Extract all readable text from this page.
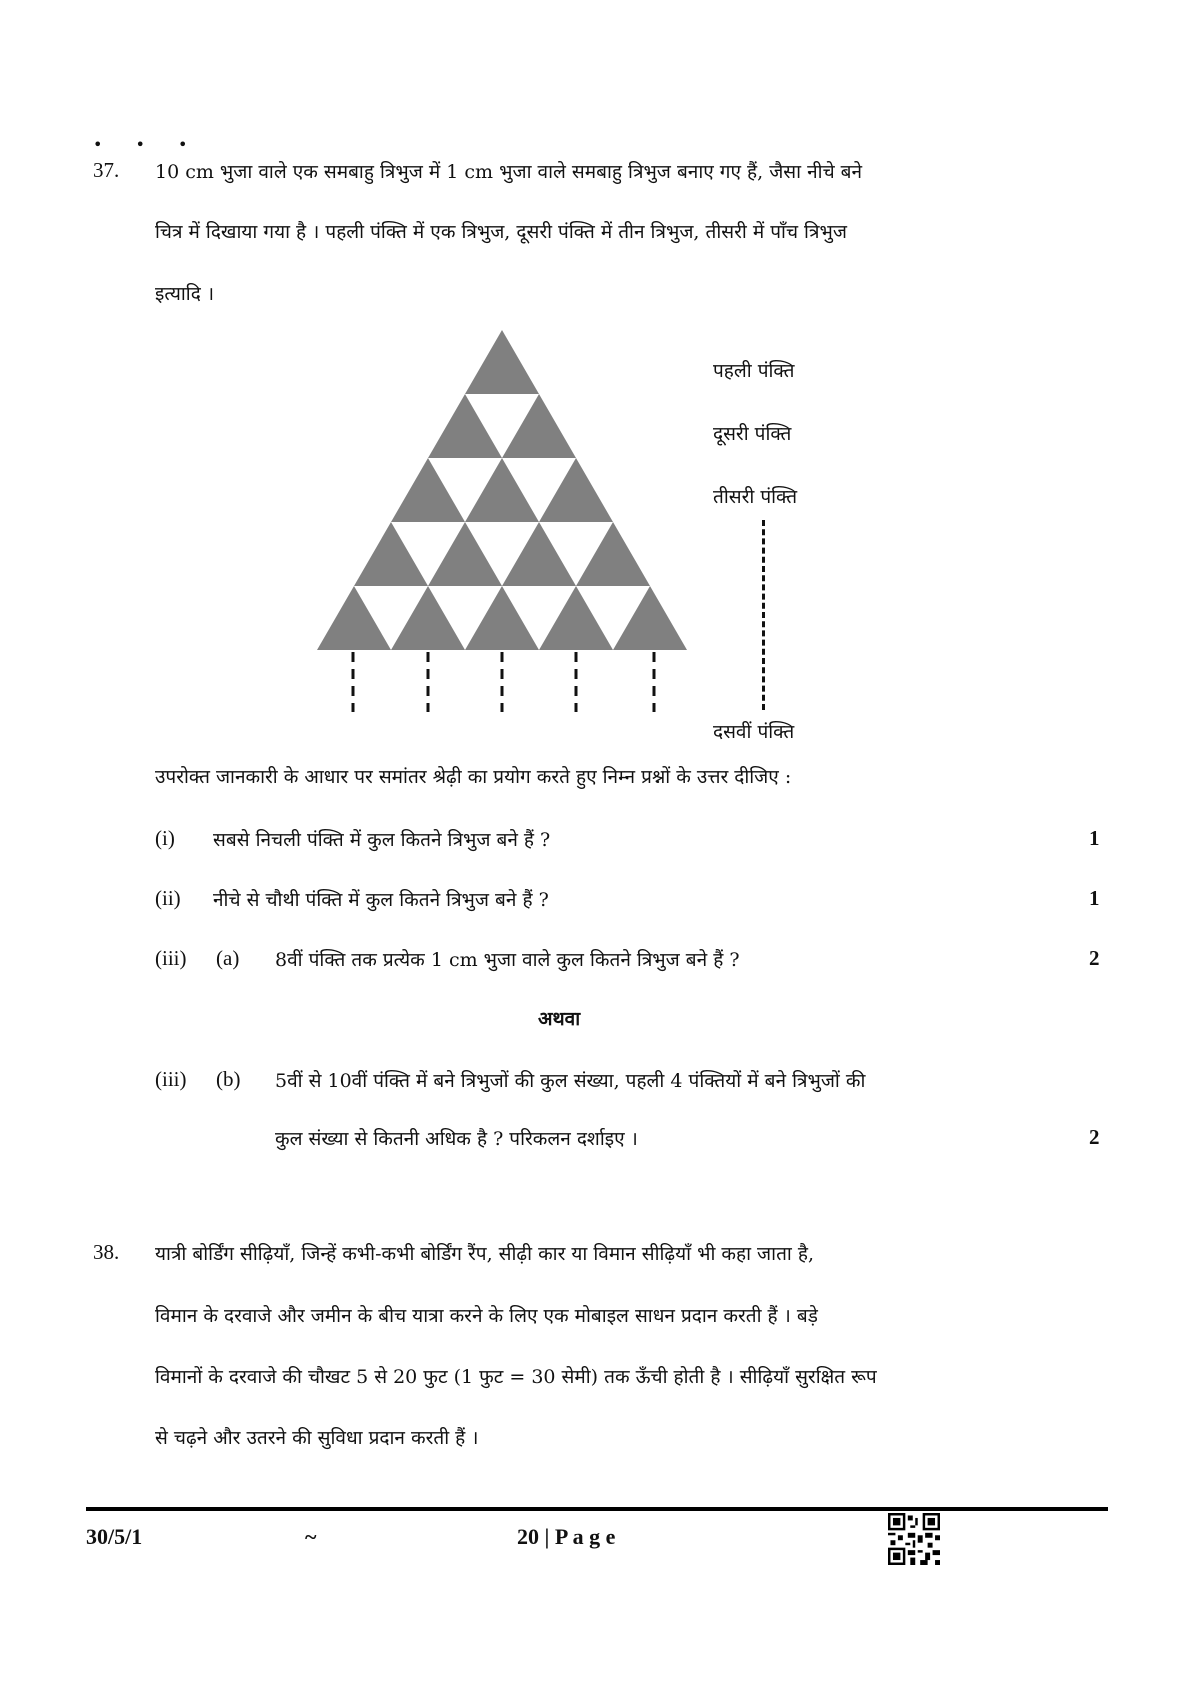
• • •
37. 10 cm भुजा वाले एक समबाहु त्रिभुज में 1 cm भुजा वाले समबाहु त्रिभुज बनाए गए हैं, जैसा नीचे बने
चित्र में दिखाया गया है । पहली पंक्ति में एक त्रिभुज, दूसरी पंक्ति में तीन त्रिभुज, तीसरी में पाँच त्रिभुज
इत्यादि ।
पहली पंक्ति
दूसरी पंक्ति
तीसरी पंक्ति
दसवीं पंक्ति
उपरोक्त जानकारी के आधार पर समांतर श्रेढ़ी का प्रयोग करते हुए निम्न प्रश्नों के उत्तर दीजिए :
(i) सबसे निचली पंक्ति में कुल कितने त्रिभुज बने हैं ?	1
(ii) नीचे से चौथी पंक्ति में कुल कितने त्रिभुज बने हैं ?	1
(iii) (a) 8वीं पंक्ति तक प्रत्येक 1 cm भुजा वाले कुल कितने त्रिभुज बने हैं ?	2
अथवा
(iii) (b) 5वीं से 10वीं पंक्ति में बने त्रिभुजों की कुल संख्या, पहली 4 पंक्तियों में बने त्रिभुजों की
कुल संख्या से कितनी अधिक है ? परिकलन दर्शाइए ।	2
38. यात्री बोर्डिंग सीढ़ियाँ, जिन्हें कभी-कभी बोर्डिंग रैंप, सीढ़ी कार या विमान सीढ़ियाँ भी कहा जाता है,
विमान के दरवाजे और जमीन के बीच यात्रा करने के लिए एक मोबाइल साधन प्रदान करती हैं । बड़े
विमानों के दरवाजे की चौखट 5 से 20 फुट (1 फुट = 30 सेमी) तक ऊँची होती है । सीढ़ियाँ सुरक्षित रूप
से चढ़ने और उतरने की सुविधा प्रदान करती हैं ।
30/5/1	~	20 | P a g e
